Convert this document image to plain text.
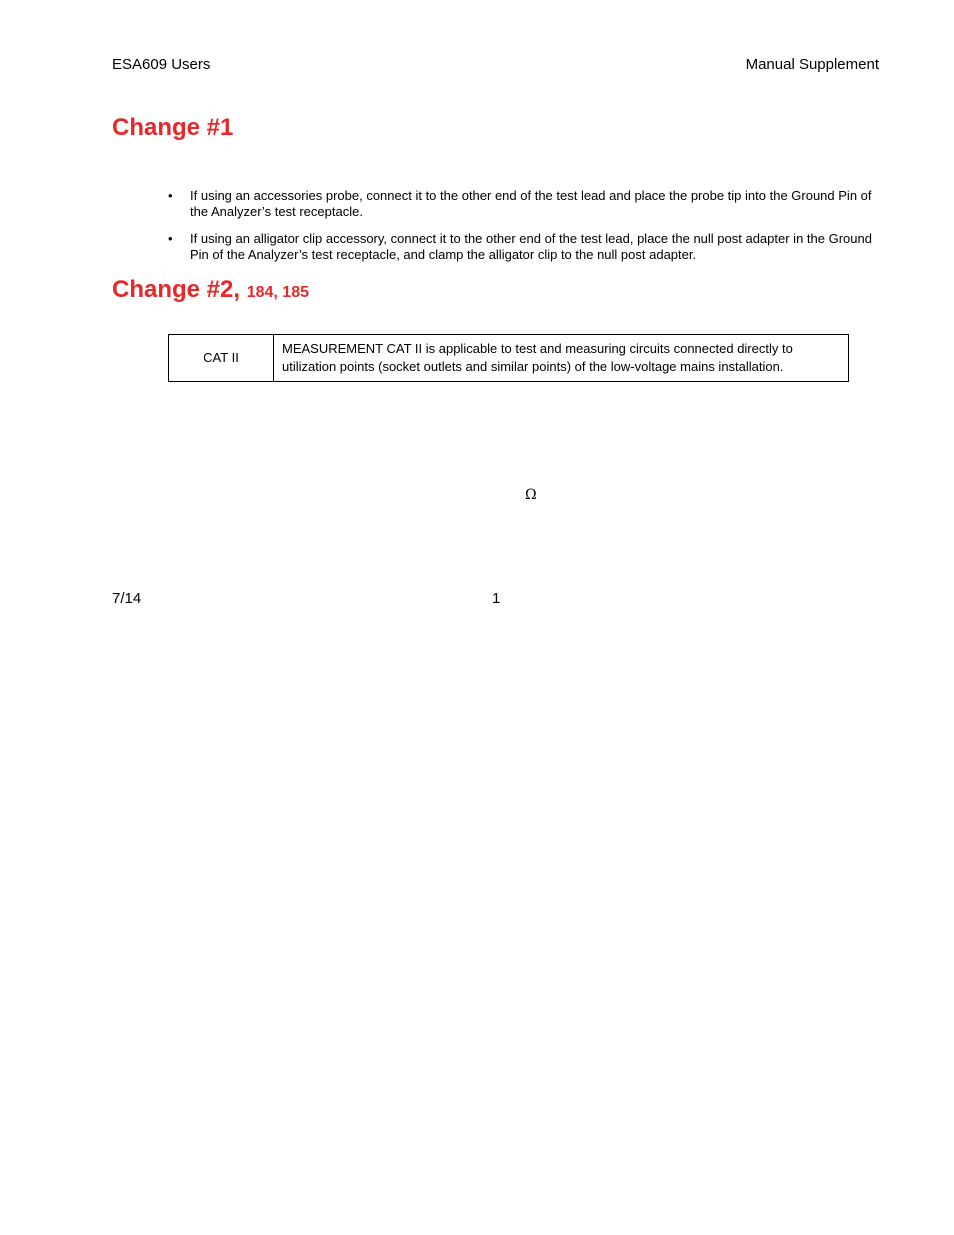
ESA609 Users	Manual Supplement
Change #1
• If using an accessories probe, connect it to the other end of the test lead and place the probe tip into the Ground Pin of the Analyzer’s test receptacle.
• If using an alligator clip accessory, connect it to the other end of the test lead, place the null post adapter in the Ground Pin of the Analyzer’s test receptacle, and clamp the alligator clip to the null post adapter.
Change #2, 184, 185
CAT II	MEASUREMENT CAT II is applicable to test and measuring circuits connected directly to utilization points (socket outlets and similar points) of the low-voltage mains installation.
Ω
7/14	1
